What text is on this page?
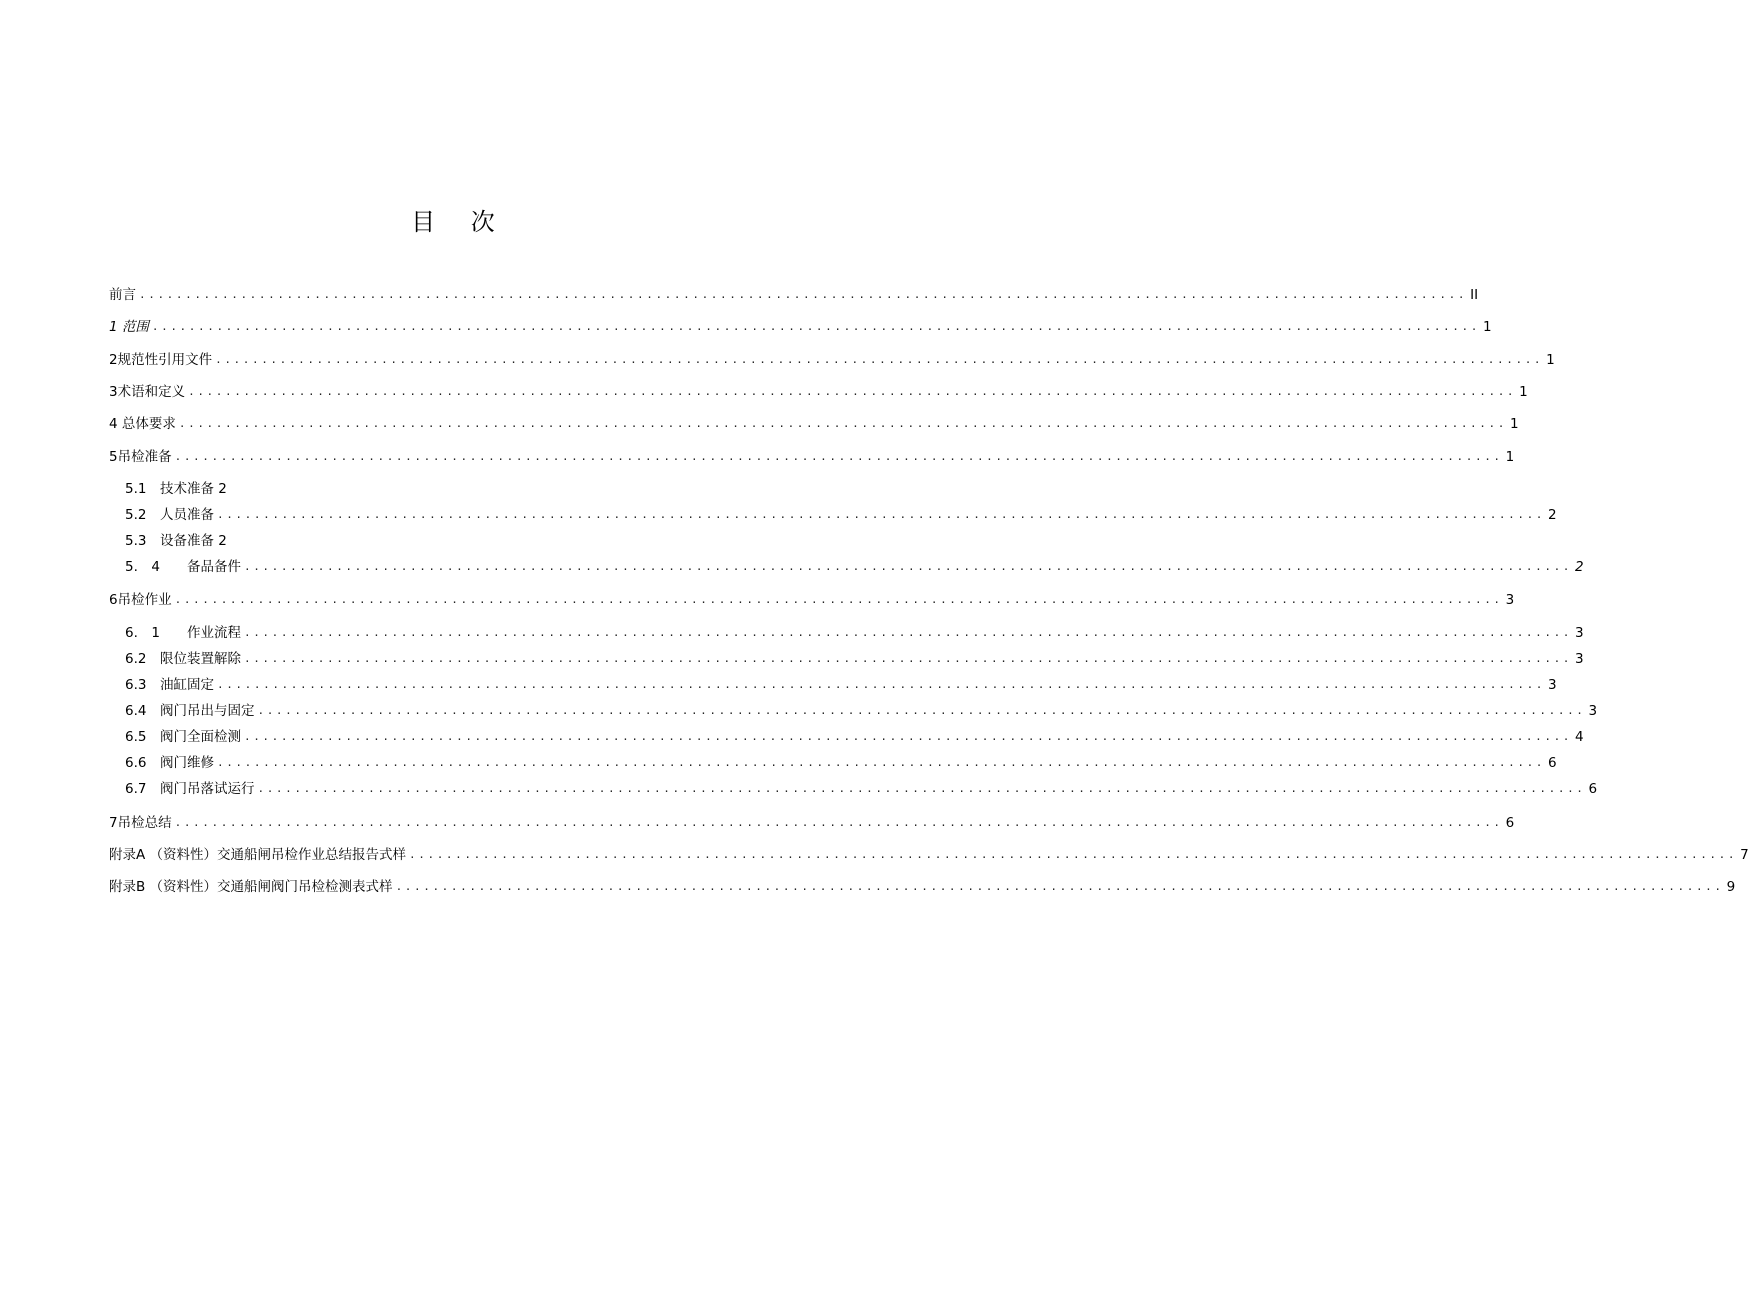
目 次
前言 ................................................................................................................................................ II
1 范围 ................................................................................................................................................ 1
2规范性引用文件 ................................................................................................................................................ 1
3术语和定义 ................................................................................................................................................ 1
4 总体要求 ................................................................................................................................................ 1
5吊检准备 ................................................................................................................................................ 1
5.1　技术准备 2
5.2　人员准备 ................................................................................................................................................ 2
5.3　设备准备 2
5.　4　　备品备件 ................................................................................................................................................ 2
6吊检作业 ................................................................................................................................................ 3
6.　1　　作业流程 ................................................................................................................................................ 3
6.2　限位装置解除 ................................................................................................................................................ 3
6.3　油缸固定 ................................................................................................................................................ 3
6.4　阀门吊出与固定 ................................................................................................................................................ 3
6.5　阀门全面检测 ................................................................................................................................................ 4
6.6　阀门维修 ................................................................................................................................................ 6
6.7　阀门吊落试运行 ................................................................................................................................................ 6
7吊检总结 ................................................................................................................................................ 6
附录A （资料性）交通船闸吊检作业总结报告式样 ................................................................................................................................................ 7
附录B （资料性）交通船闸阀门吊检检测表式样 ................................................................................................................................................ 9
